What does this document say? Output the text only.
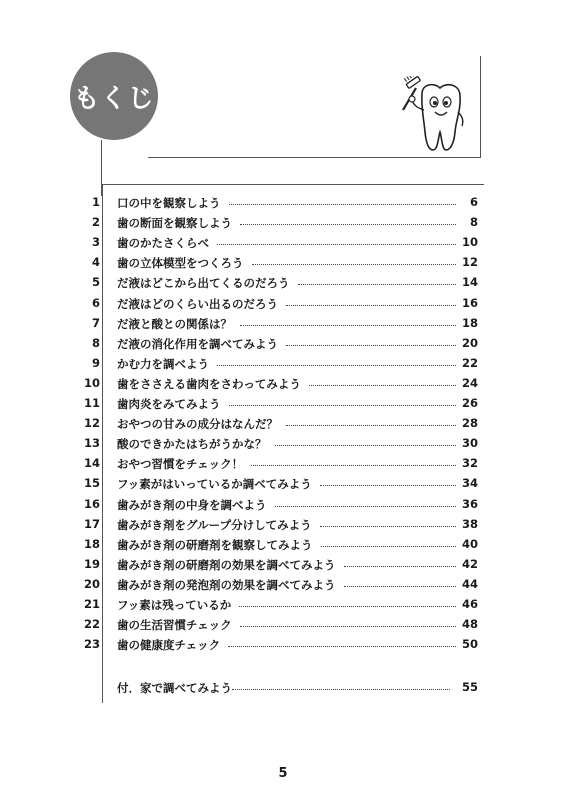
もくじ
1 口の中を観察しよう	6
2 歯の断面を観察しよう	8
3 歯のかたさくらべ	10
4 歯の立体模型をつくろう	12
5 だ液はどこから出てくるのだろう	14
6 だ液はどのくらい出るのだろう	16
7 だ液と酸との関係は？	18
8 だ液の消化作用を調べてみよう	20
9 かむ力を調べよう	22
10 歯をささえる歯肉をさわってみよう	24
11 歯肉炎をみてみよう	26
12 おやつの甘みの成分はなんだ？	28
13 酸のできかたはちがうかな？	30
14 おやつ習慣をチェック！	32
15 フッ素がはいっているか調べてみよう	34
16 歯みがき剤の中身を調べよう	36
17 歯みがき剤をグループ分けしてみよう	38
18 歯みがき剤の研磨剤を観察してみよう	40
19 歯みがき剤の研磨剤の効果を調べてみよう	42
20 歯みがき剤の発泡剤の効果を調べてみよう	44
21 フッ素は残っているか	46
22 歯の生活習慣チェック	48
23 歯の健康度チェック	50
付．家で調べてみよう	55
5
